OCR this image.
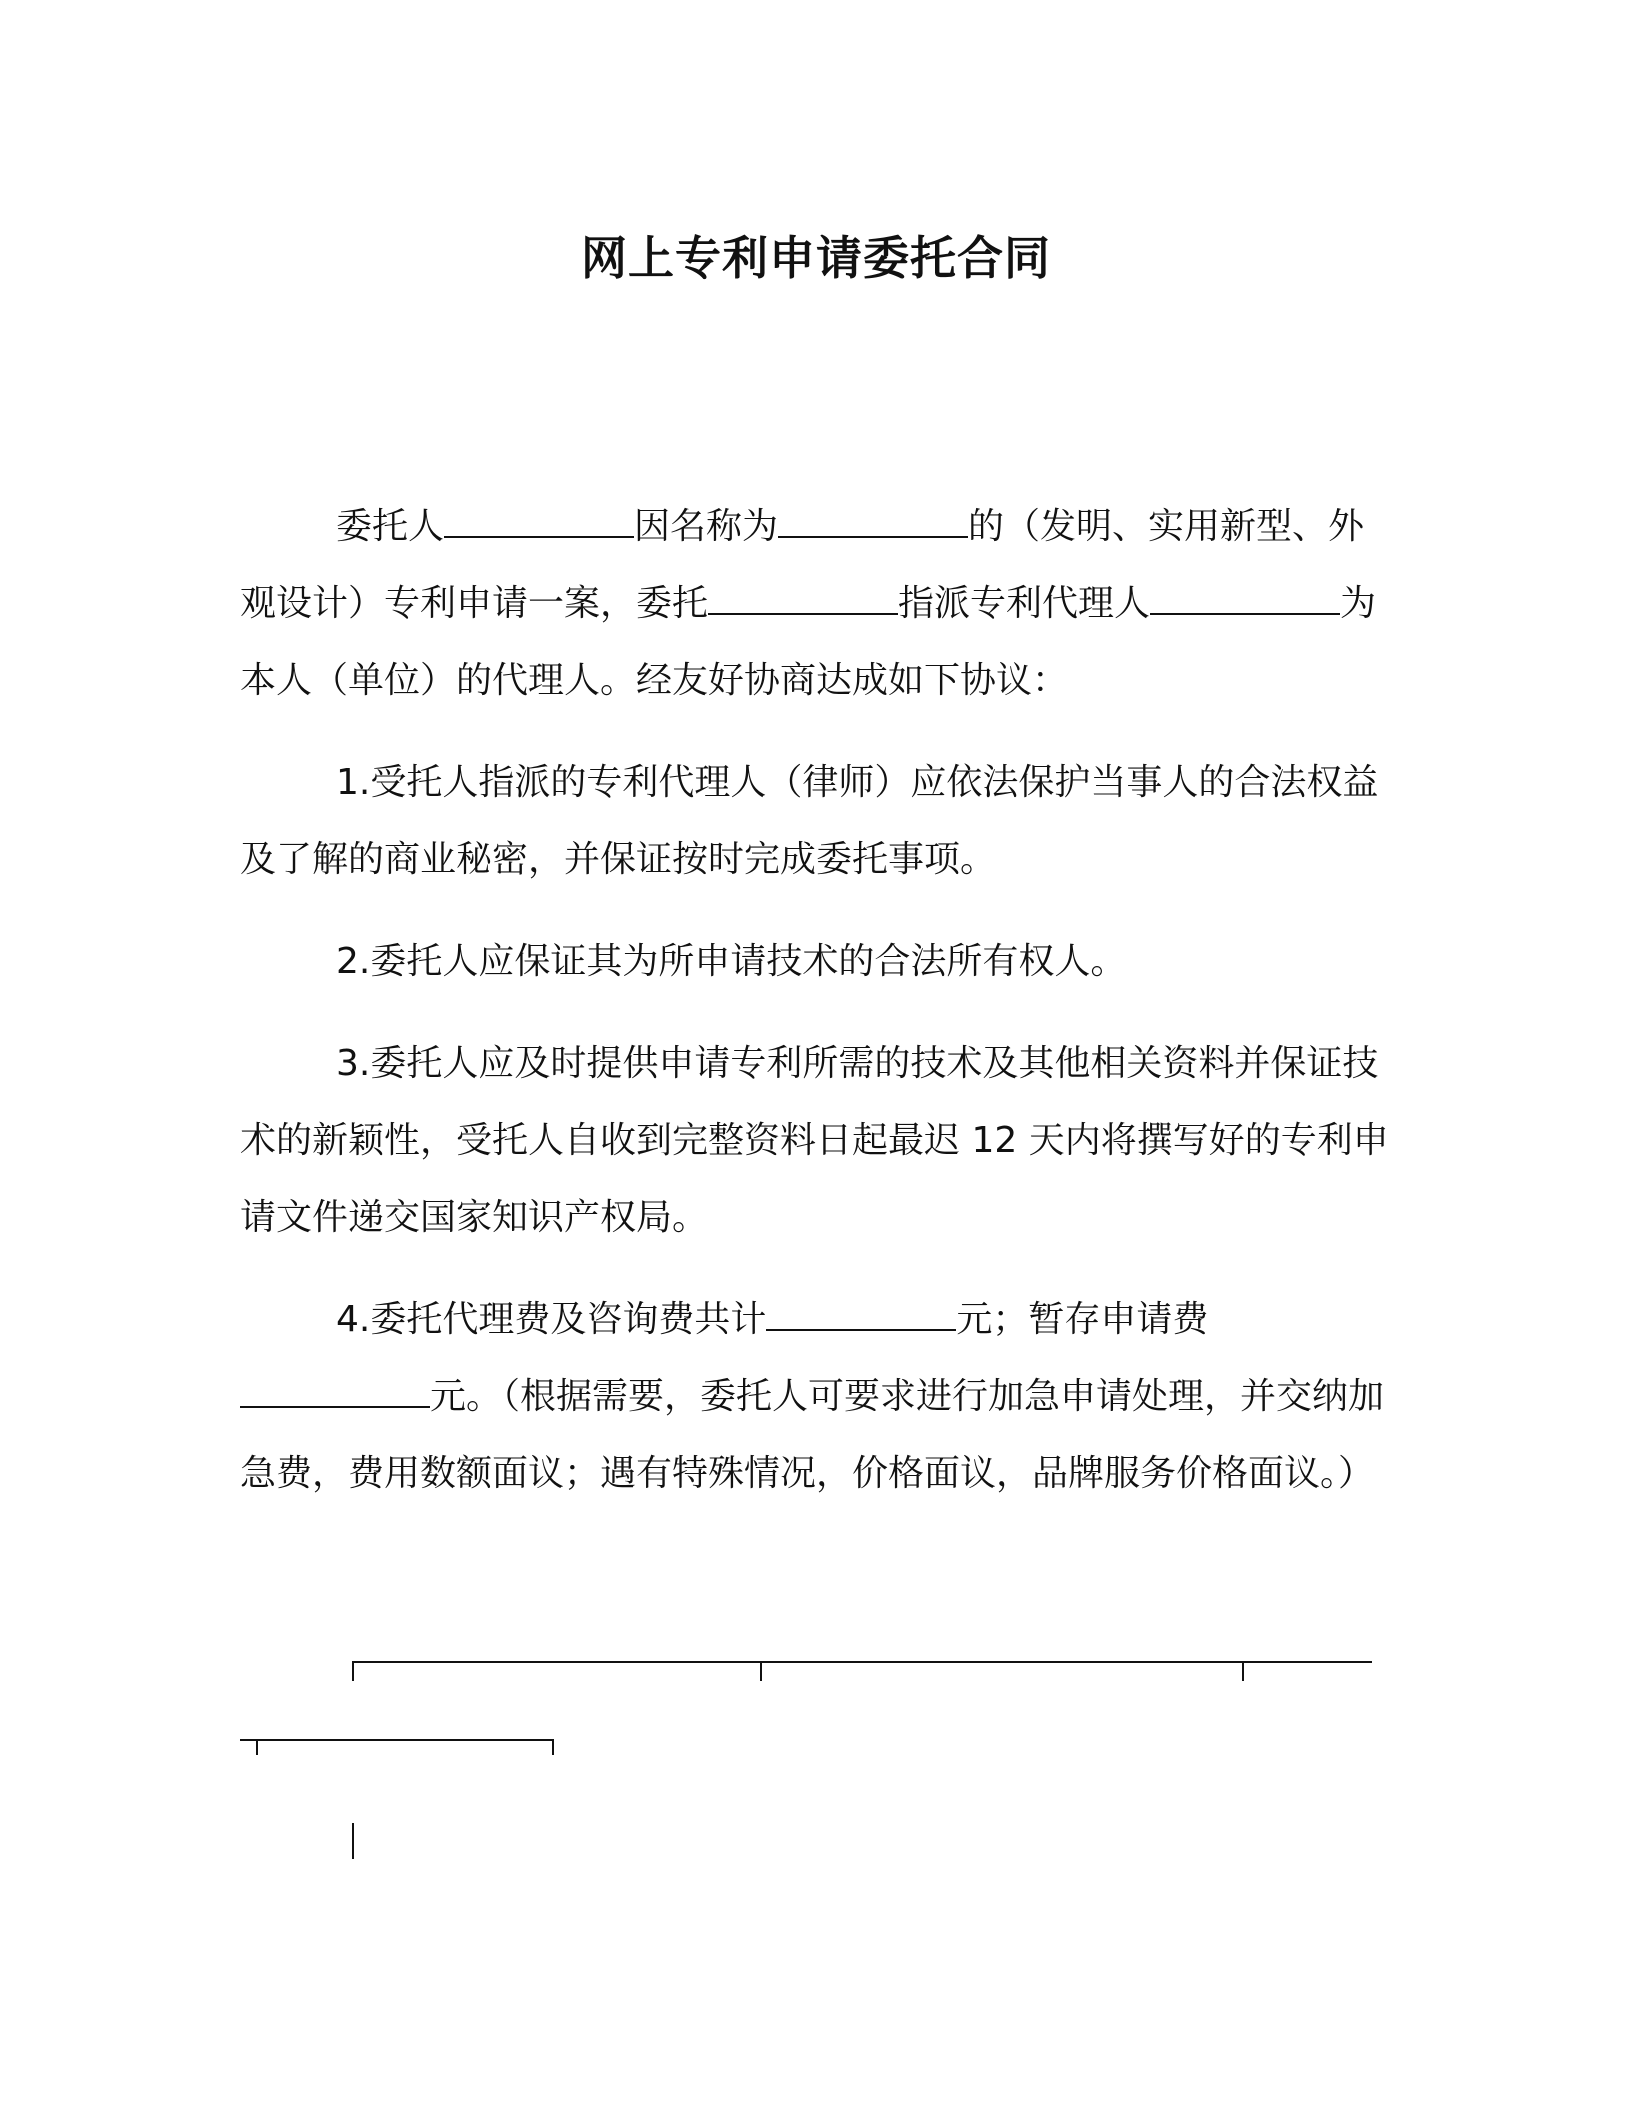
网上专利申请委托合同

委托人	因名称为	的（发明、实用新型、外观设计）专利申请一案，委托	指派专利代理人	为本人（单位）的代理人。经友好协商达成如下协议：

1.受托人指派的专利代理人（律师）应依法保护当事人的合法权益及了解的商业秘密，并保证按时完成委托事项。

2.委托人应保证其为所申请技术的合法所有权人。

3.委托人应及时提供申请专利所需的技术及其他相关资料并保证技术的新颖性，受托人自收到完整资料日起最迟 12 天内将撰写好的专利申请文件递交国家知识产权局。

4.委托代理费及咨询费共计	元；暂存申请费元。（根据需要，委托人可要求进行加急申请处理，并交纳加急费，费用数额面议；遇有特殊情况，价格面议，品牌服务价格面议。）
